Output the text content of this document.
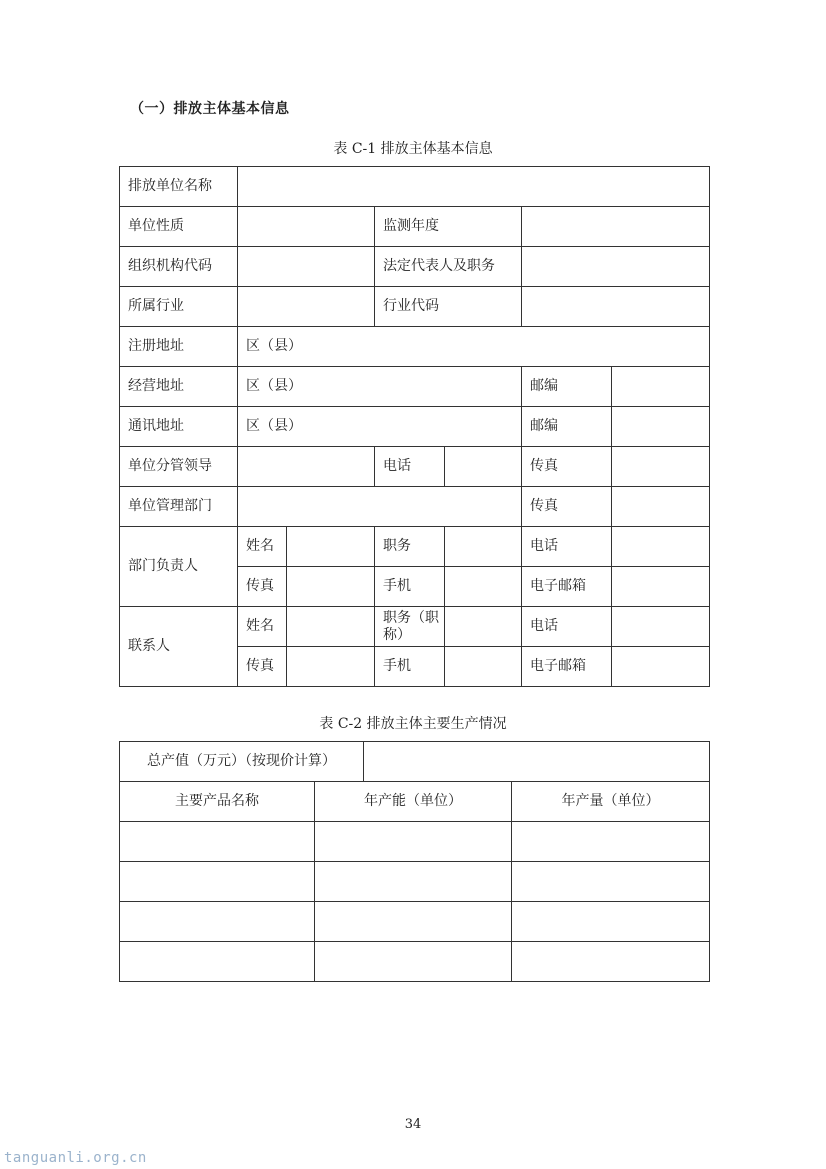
（一）排放主体基本信息
表 C-1 排放主体基本信息
排放单位名称						
单位性质			监测年度			
组织机构代码			法定代表人及职务			
所属行业			行业代码			
注册地址	区（县）					
经营地址	区（县）				邮编	
通讯地址	区（县）				邮编	
单位分管领导			电话		传真	
单位管理部门					传真	
部门负责人	姓名		职务		电话	
	传真		手机		电子邮箱	
联系人	姓名		职务（职称）		电话	
	传真		手机		电子邮箱	
表 C-2 排放主体主要生产情况
总产值（万元）（按现价计算）			
主要产品名称	年产能（单位）		年产量（单位）

34
tanguanli.org.cn
